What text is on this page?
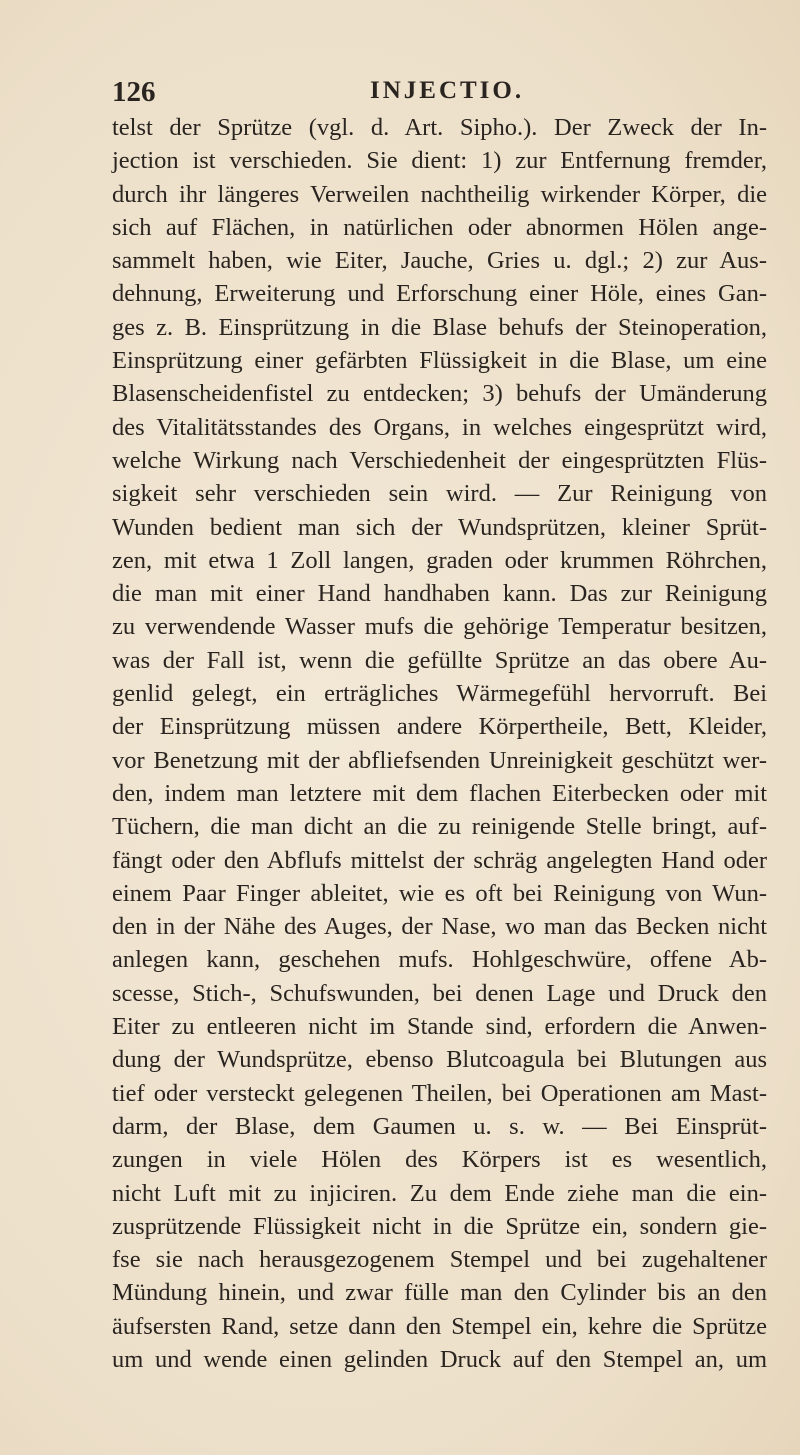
126	INJECTIO.
telst der Sprütze (vgl. d. Art. Sipho.). Der Zweck der In-
jection ist verschieden. Sie dient: 1) zur Entfernung fremder,
durch ihr längeres Verweilen nachtheilig wirkender Körper, die
sich auf Flächen, in natürlichen oder abnormen Hölen ange-
sammelt haben, wie Eiter, Jauche, Gries u. dgl.; 2) zur Aus-
dehnung, Erweiterung und Erforschung einer Höle, eines Gan-
ges z. B. Einsprützung in die Blase behufs der Steinoperation,
Einsprützung einer gefärbten Flüssigkeit in die Blase, um eine
Blasenscheidenfistel zu entdecken; 3) behufs der Umänderung
des Vitalitätsstandes des Organs, in welches eingesprützt wird,
welche Wirkung nach Verschiedenheit der eingesprützten Flüs-
sigkeit sehr verschieden sein wird. — Zur Reinigung von
Wunden bedient man sich der Wundsprützen, kleiner Sprüt-
zen, mit etwa 1 Zoll langen, graden oder krummen Röhrchen,
die man mit einer Hand handhaben kann. Das zur Reinigung
zu verwendende Wasser mufs die gehörige Temperatur besitzen,
was der Fall ist, wenn die gefüllte Sprütze an das obere Au-
genlid gelegt, ein erträgliches Wärmegefühl hervorruft. Bei
der Einsprützung müssen andere Körpertheile, Bett, Kleider,
vor Benetzung mit der abfliefsenden Unreinigkeit geschützt wer-
den, indem man letztere mit dem flachen Eiterbecken oder mit
Tüchern, die man dicht an die zu reinigende Stelle bringt, auf-
fängt oder den Abflufs mittelst der schräg angelegten Hand oder
einem Paar Finger ableitet, wie es oft bei Reinigung von Wun-
den in der Nähe des Auges, der Nase, wo man das Becken nicht
anlegen kann, geschehen mufs. Hohlgeschwüre, offene Ab-
scesse, Stich-, Schufswunden, bei denen Lage und Druck den
Eiter zu entleeren nicht im Stande sind, erfordern die Anwen-
dung der Wundsprütze, ebenso Blutcoagula bei Blutungen aus
tief oder versteckt gelegenen Theilen, bei Operationen am Mast-
darm, der Blase, dem Gaumen u. s. w. — Bei Einsprüt-
zungen in viele Hölen des Körpers ist es wesentlich,
nicht Luft mit zu injiciren. Zu dem Ende ziehe man die ein-
zusprützende Flüssigkeit nicht in die Sprütze ein, sondern gie-
fse sie nach herausgezogenem Stempel und bei zugehaltener
Mündung hinein, und zwar fülle man den Cylinder bis an den
äufsersten Rand, setze dann den Stempel ein, kehre die Sprütze
um und wende einen gelinden Druck auf den Stempel an, um
